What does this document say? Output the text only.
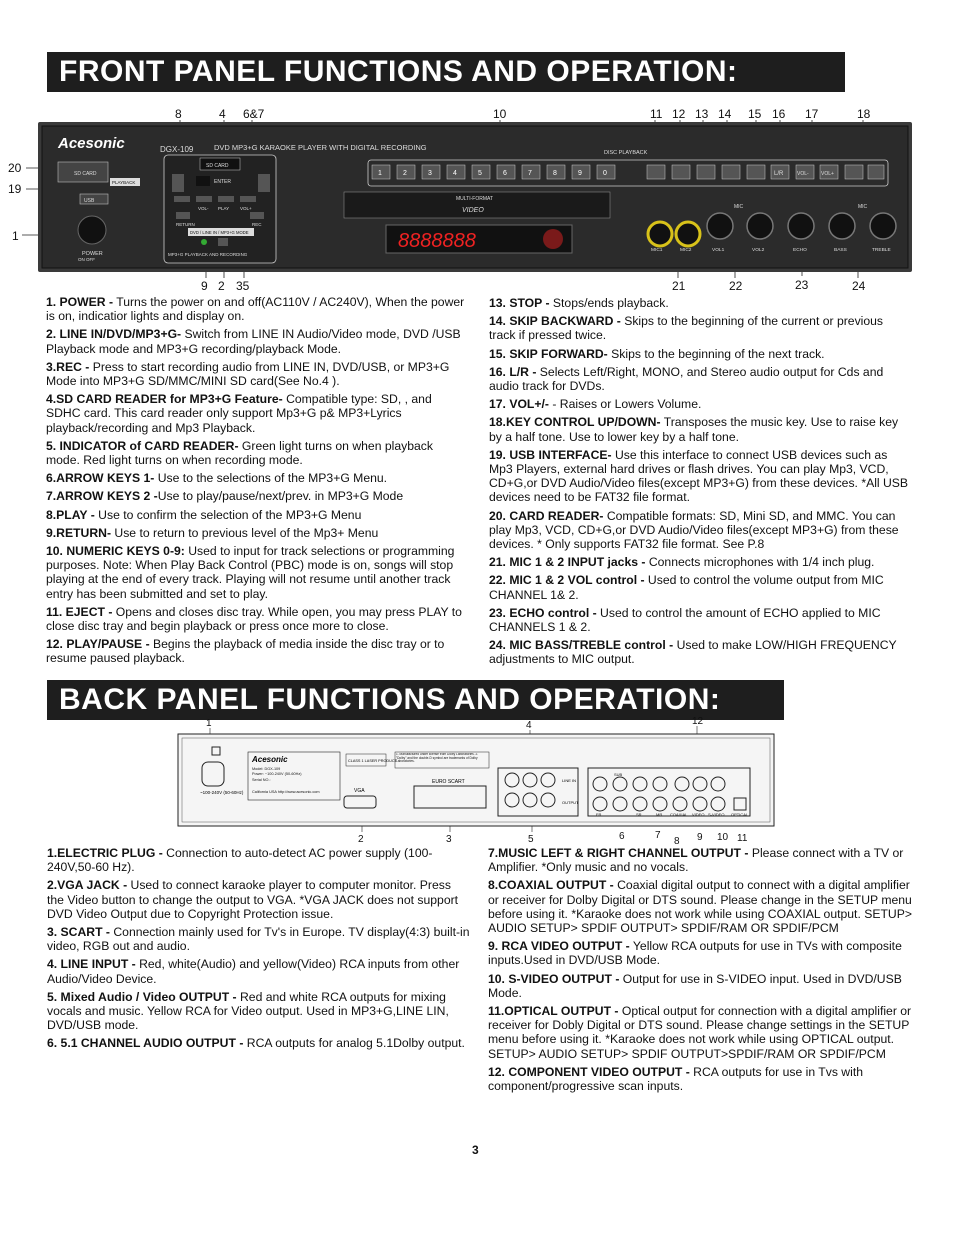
FRONT PANEL FUNCTIONS AND OPERATION:
8	4 6&7	10	11 12 13 14 15 16 17	18
20
19
1
9 2 35	21	22	23	24
Acesonic	DGX-109	DVD MP3+G KARAOKE PLAYER WITH DIGITAL RECORDING
DISC PLAYBACK
SD CARD
PLAYBACK
USB
POWER
ON OFF
SD CARD
ENTER
PLAY
VOL-	VOL+
RETURN	REC
DVD / LINE IN / MP3+G MODE
MP3+G PLAYBACK AND RECORDING
1	2	3	4	5	6	7	8	9	0	L/R	VOL- VOL+
MULTI-FORMAT
VIDEO
8888888
MIC	MIC
MIC1	MIC2	VOL1	VOL2	ECHO	BASS	TREBLE

1. POWER - Turns the power on and off(AC110V / AC240V), When the power is on, indicatior lights and display on.

2. LINE IN/DVD/MP3+G- Switch from LINE IN Audio/Video mode, DVD /USB Playback mode and MP3+G recording/playback Mode.

3.REC - Press to start recording audio from LINE IN, DVD/USB, or MP3+G Mode into MP3+G SD/MMC/MINI SD card(See No.4 ).

4.SD CARD READER for MP3+G Feature- Compatible type: SD, , and SDHC card. This card reader only support Mp3+G p& MP3+Lyrics playback/recording and Mp3 Playback.

5. INDICATOR of CARD READER- Green light turns on when playback mode. Red light turns on when recording mode.

6.ARROW KEYS 1- Use to the selections of the MP3+G Menu.

7.ARROW KEYS 2 -Use to play/pause/next/prev. in MP3+G Mode

8.PLAY - Use to confirm the selection of the MP3+G Menu

9.RETURN- Use to return to previous level of the Mp3+ Menu

10. NUMERIC KEYS 0-9: Used to input for track selections or programming purposes. Note: When Play Back Control (PBC) mode is on, songs will stop playing at the end of every track. Playing will not resume until another track entry has been submitted and set to play.

11. EJECT - Opens and closes disc tray. While open, you may press PLAY to close disc tray and begin playback or press once more to close.

12. PLAY/PAUSE - Begins the playback of media inside the disc tray or to resume paused playback.

13. STOP - Stops/ends playback.

14. SKIP BACKWARD - Skips to the beginning of the current or previous track if pressed twice.

15. SKIP FORWARD- Skips to the beginning of the next track.

16. L/R - Selects Left/Right, MONO, and Stereo audio output for Cds and audio track for DVDs.

17. VOL+/- - Raises or Lowers Volume.

18.KEY CONTROL UP/DOWN- Transposes the music key. Use to raise key by a half tone. Use to lower key by a half tone.

19. USB INTERFACE- Use this interface to connect USB devices such as Mp3 Players, external hard drives or flash drives. You can play Mp3, VCD, CD+G,or DVD Audio/Video files(except MP3+G) from these devices. *All USB devices need to be FAT32 file format.

20. CARD READER- Compatible formats: SD, Mini SD, and MMC. You can play Mp3, VCD, CD+G,or DVD Audio/Video files(except MP3+G) from these devices. * Only supports FAT32 file format. See P.8

21. MIC 1 & 2 INPUT jacks - Connects microphones with 1/4 inch plug.

22. MIC 1 & 2 VOL control - Used to control the volume output from MIC CHANNEL 1& 2.

23. ECHO control - Used to control the amount of ECHO applied to MIC CHANNELS 1 & 2.

24. MIC BASS/TREBLE control - Used to make LOW/HIGH FREQUENCY adjustments to MIC output.

BACK PANEL FUNCTIONS AND OPERATION:
1	4	12
2	3	5	6	7
8 9 10 11
~100-240V (50-60Hz)
Acesonic
Model: DGX-109
Power: ~100-240V (50-60Hz)
Serial NO.:
California USA http://www.acesonic.com
CLASS 1 LASER PRODUCT
1. Manufactured under license from Dolby Laboratories. 2. "Dolby" and the double-D symbol are trademarks of Dolby Laboratories.
VGA
EURO SCART	LINE IN
OUTPUT
FR
SUB
SR	MR COAXIAL VIDEO S-VIDEO OPTICAL

1.ELECTRIC PLUG - Connection to auto-detect AC power supply (100-240V,50-60 Hz).

2.VGA JACK - Used to connect karaoke player to computer monitor. Press the Video button to change the output to VGA. *VGA JACK does not support DVD Video Output due to Copyright Protection issue.

3. SCART - Connection mainly used for Tv's in Europe. TV display(4:3) built-in video, RGB out and audio.

4. LINE INPUT - Red, white(Audio) and yellow(Video) RCA inputs from other Audio/Video Device.

5. Mixed Audio / Video OUTPUT - Red and white RCA outputs for mixing vocals and music. Yellow RCA for Video output. Used in MP3+G,LINE LIN, DVD/USB mode.

6. 5.1 CHANNEL AUDIO OUTPUT - RCA outputs for analog 5.1Dolby output.

7.MUSIC LEFT & RIGHT CHANNEL OUTPUT - Please connect with a TV or Amplifier. *Only music and no vocals.

8.COAXIAL OUTPUT - Coaxial digital output to connect with a digital amplifier or receiver for Dolby Digital or DTS sound. Please change in the SETUP menu before using it. *Karaoke does not work while using COAXIAL output. SETUP> AUDIO SETUP> SPDIF OUTPUT> SPDIF/RAM OR SPDIF/PCM

9. RCA VIDEO OUTPUT - Yellow RCA outputs for use in TVs with composite inputs.Used in DVD/USB Mode.

10. S-VIDEO OUTPUT - Output for use in S-VIDEO input. Used in DVD/USB Mode.

11.OPTICAL OUTPUT - Optical output for connection with a digital amplifier or receiver for Dobly Digital or DTS sound. Please change settings in the SETUP menu before using it. *Karaoke does not work while using OPTICAL output. SETUP> AUDIO SETUP> SPDIF OUTPUT>SPDIF/RAM OR SPDIF/PCM

12. COMPONENT VIDEO OUTPUT - RCA outputs for use in Tvs with component/progressive scan inputs.

3
